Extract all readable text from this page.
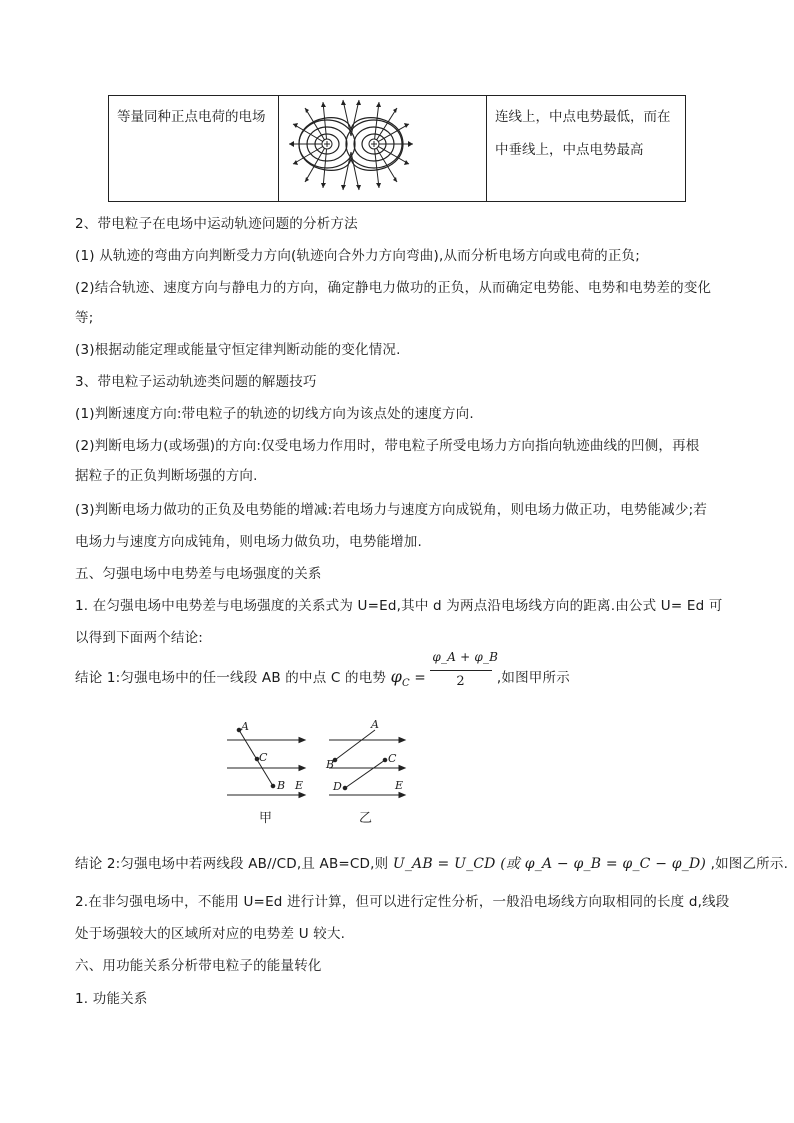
等量同种正点电荷的电场	连线上，中点电势最低，而在
中垂线上，中点电势最高
2、带电粒子在电场中运动轨迹问题的分析方法
(1) 从轨迹的弯曲方向判断受力方向(轨迹向合外力方向弯曲),从而分析电场方向或电荷的正负;
(2)结合轨迹、速度方向与静电力的方向，确定静电力做功的正负，从而确定电势能、电势和电势差的变化
等;
(3)根据动能定理或能量守恒定律判断动能的变化情况.
3、带电粒子运动轨迹类问题的解题技巧
(1)判断速度方向:带电粒子的轨迹的切线方向为该点处的速度方向.
(2)判断电场力(或场强)的方向:仅受电场力作用时，带电粒子所受电场力方向指向轨迹曲线的凹侧，再根
据粒子的正负判断场强的方向.
(3)判断电场力做功的正负及电势能的增减:若电场力与速度方向成锐角，则电场力做正功，电势能减少;若
电场力与速度方向成钝角，则电场力做负功，电势能增加.
五、匀强电场中电势差与电场强度的关系
1. 在匀强电场中电势差与电场强度的关系式为 U=Ed,其中 d 为两点沿电场线方向的距离.由公式 U= Ed 可
以得到下面两个结论:
结论 1:匀强电场中的任一线段 AB 的中点 C 的电势 $\varphi_C = \frac{\varphi\_A + \varphi\_B}{2}$ ,如图甲所示
A
C
B E
A
B	C
D	E
甲	乙
结论 2:匀强电场中若两线段 AB//CD,且 AB=CD,则 U_AB = U_CD (或 φ_A − φ_B = φ_C − φ_D) ,如图乙所示.
2.在非匀强电场中，不能用 U=Ed 进行计算，但可以进行定性分析，一般沿电场线方向取相同的长度 d,线段
处于场强较大的区域所对应的电势差 U 较大.
六、用功能关系分析带电粒子的能量转化
1. 功能关系
